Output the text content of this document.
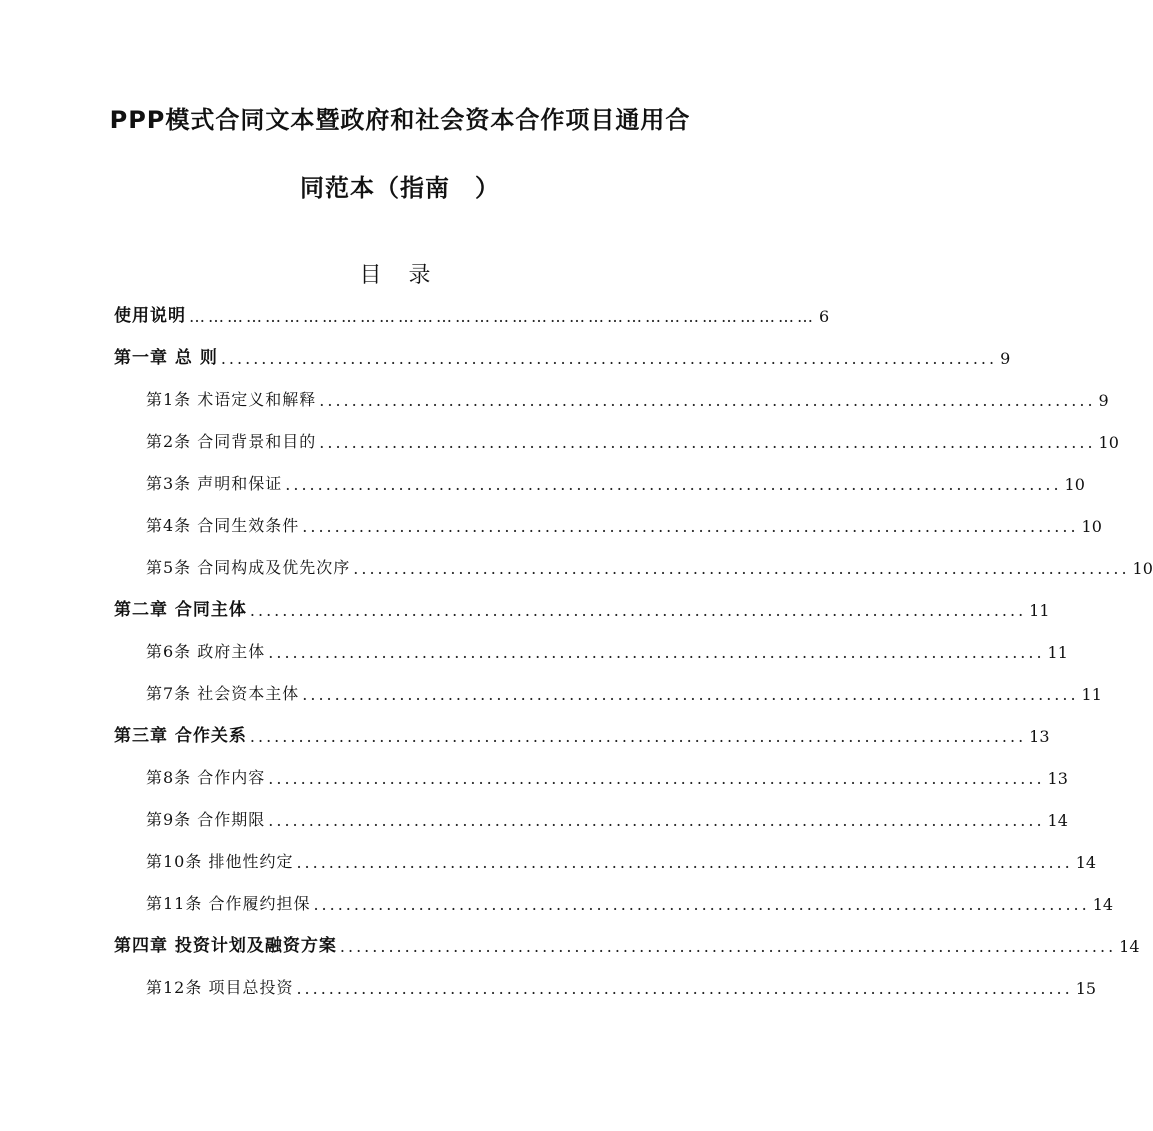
PPP模式合同文本暨政府和社会资本合作项目通用合
同范本（指南　）
目 录
使用说明 ……………………………………………………………………………………… 6
第一章 总 则 ................................................................................................ 9
第1条 术语定义和解释 ................................................................................................ 9
第2条 合同背景和目的 ................................................................................................ 10
第3条 声明和保证 ................................................................................................ 10
第4条 合同生效条件 ................................................................................................ 10
第5条 合同构成及优先次序 ................................................................................................ 10
第二章 合同主体 ................................................................................................ 11
第6条 政府主体 ................................................................................................ 11
第7条 社会资本主体 ................................................................................................ 11
第三章 合作关系 ................................................................................................ 13
第8条 合作内容 ................................................................................................ 13
第9条 合作期限 ................................................................................................ 14
第10条 排他性约定 ................................................................................................ 14
第11条 合作履约担保 ................................................................................................ 14
第四章 投资计划及融资方案 ................................................................................................ 14
第12条 项目总投资 ................................................................................................ 15
